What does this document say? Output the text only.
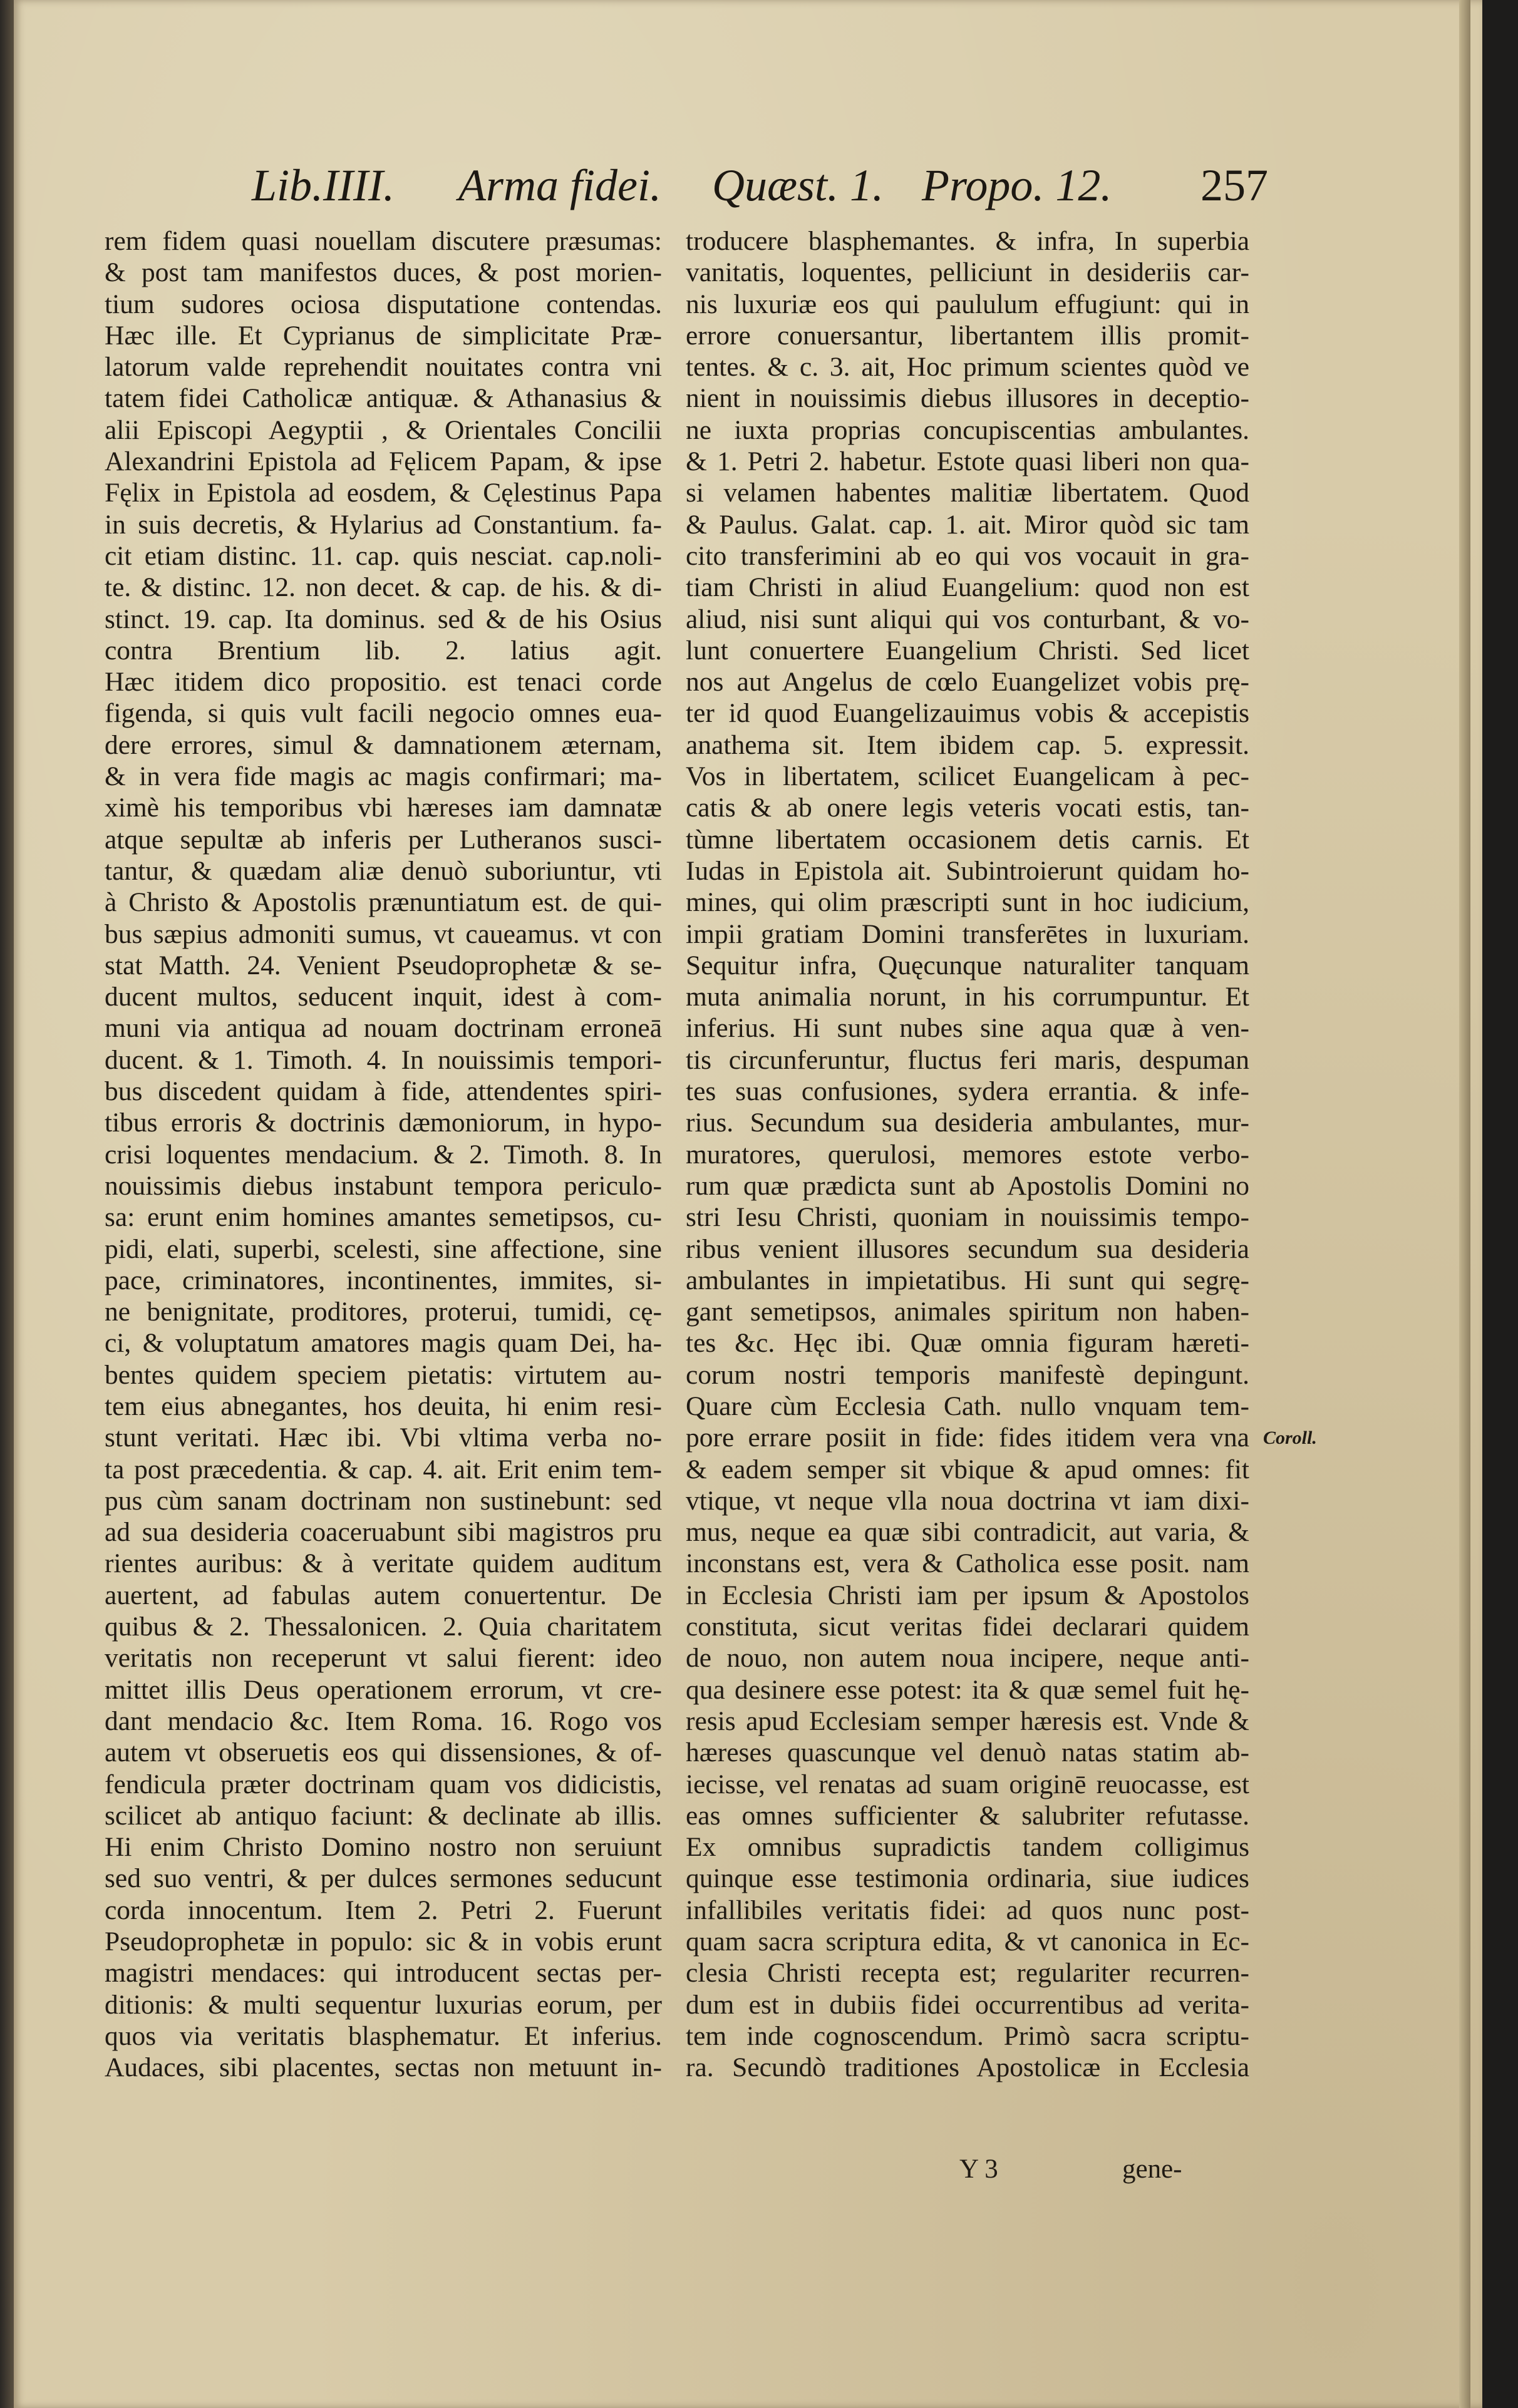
Lib.IIII. Arma fidei. Quæst. 1. Propo. 12. 257
rem fidem quasi nouellam discutere præsumas:
& post tam manifestos duces, & post morien-
tium sudores ociosa disputatione contendas.
Hæc ille. Et Cyprianus de simplicitate Præ-
latorum valde reprehendit nouitates contra vni
tatem fidei Catholicæ antiquæ. & Athanasius &
alii Episcopi Aegyptii , & Orientales Concilii
Alexandrini Epistola ad Fęlicem Papam, & ipse
Fęlix in Epistola ad eosdem, & Cęlestinus Papa
in suis decretis, & Hylarius ad Constantium. fa-
cit etiam distinc. 11. cap. quis nesciat. cap.noli-
te. & distinc. 12. non decet. & cap. de his. & di-
stinct. 19. cap. Ita dominus. sed & de his Osius
contra Brentium lib. 2. latius agit.
Hæc itidem dico propositio. est tenaci corde
figenda, si quis vult facili negocio omnes eua-
dere errores, simul & damnationem æternam,
& in vera fide magis ac magis confirmari; ma-
ximè his temporibus vbi hæreses iam damnatæ
atque sepultæ ab inferis per Lutheranos susci-
tantur, & quædam aliæ denuò suboriuntur, vti
à Christo & Apostolis prænuntiatum est. de qui-
bus sæpius admoniti sumus, vt caueamus. vt con
stat Matth. 24. Venient Pseudoprophetæ & se-
ducent multos, seducent inquit, idest à com-
muni via antiqua ad nouam doctrinam erroneā
ducent. & 1. Timoth. 4. In nouissimis tempori-
bus discedent quidam à fide, attendentes spiri-
tibus erroris & doctrinis dæmoniorum, in hypo-
crisi loquentes mendacium. & 2. Timoth. 8. In
nouissimis diebus instabunt tempora periculo-
sa: erunt enim homines amantes semetipsos, cu-
pidi, elati, superbi, scelesti, sine affectione, sine
pace, criminatores, incontinentes, immites, si-
ne benignitate, proditores, proterui, tumidi, cę-
ci, & voluptatum amatores magis quam Dei, ha-
bentes quidem speciem pietatis: virtutem au-
tem eius abnegantes, hos deuita, hi enim resi-
stunt veritati. Hæc ibi. Vbi vltima verba no-
ta post præcedentia. & cap. 4. ait. Erit enim tem-
pus cùm sanam doctrinam non sustinebunt: sed
ad sua desideria coaceruabunt sibi magistros pru
rientes auribus: & à veritate quidem auditum
auertent, ad fabulas autem conuertentur. De
quibus & 2. Thessalonicen. 2. Quia charitatem
veritatis non receperunt vt salui fierent: ideo
mittet illis Deus operationem errorum, vt cre-
dant mendacio &c. Item Roma. 16. Rogo vos
autem vt obseruetis eos qui dissensiones, & of-
fendicula præter doctrinam quam vos didicistis,
scilicet ab antiquo faciunt: & declinate ab illis.
Hi enim Christo Domino nostro non seruiunt
sed suo ventri, & per dulces sermones seducunt
corda innocentum. Item 2. Petri 2. Fuerunt
Pseudoprophetæ in populo: sic & in vobis erunt
magistri mendaces: qui introducent sectas per-
ditionis: & multi sequentur luxurias eorum, per
quos via veritatis blasphematur. Et inferius.
Audaces, sibi placentes, sectas non metuunt in-
troducere blasphemantes. & infra, In superbia
vanitatis, loquentes, pelliciunt in desideriis car-
nis luxuriæ eos qui paululum effugiunt: qui in
errore conuersantur, libertantem illis promit-
tentes. & c. 3. ait, Hoc primum scientes quòd ve
nient in nouissimis diebus illusores in deceptio-
ne iuxta proprias concupiscentias ambulantes.
& 1. Petri 2. habetur. Estote quasi liberi non qua-
si velamen habentes malitiæ libertatem. Quod
& Paulus. Galat. cap. 1. ait. Miror quòd sic tam
cito transferimini ab eo qui vos vocauit in gra-
tiam Christi in aliud Euangelium: quod non est
aliud, nisi sunt aliqui qui vos conturbant, & vo-
lunt conuertere Euangelium Christi. Sed licet
nos aut Angelus de cœlo Euangelizet vobis prę-
ter id quod Euangelizauimus vobis & accepistis
anathema sit. Item ibidem cap. 5. expressit.
Vos in libertatem, scilicet Euangelicam à pec-
catis & ab onere legis veteris vocati estis, tan-
tùmne libertatem occasionem detis carnis. Et
Iudas in Epistola ait. Subintroierunt quidam ho-
mines, qui olim præscripti sunt in hoc iudicium,
impii gratiam Domini transferētes in luxuriam.
Sequitur infra, Quęcunque naturaliter tanquam
muta animalia norunt, in his corrumpuntur. Et
inferius. Hi sunt nubes sine aqua quæ à ven-
tis circunferuntur, fluctus feri maris, despuman
tes suas confusiones, sydera errantia. & infe-
rius. Secundum sua desideria ambulantes, mur-
muratores, querulosi, memores estote verbo-
rum quæ prædicta sunt ab Apostolis Domini no
stri Iesu Christi, quoniam in nouissimis tempo-
ribus venient illusores secundum sua desideria
ambulantes in impietatibus. Hi sunt qui segrę-
gant semetipsos, animales spiritum non haben-
tes &c. Hęc ibi. Quæ omnia figuram hæreti-
corum nostri temporis manifestè depingunt.
Quare cùm Ecclesia Cath. nullo vnquam tem-
pore errare posiit in fide: fides itidem vera vna
& eadem semper sit vbique & apud omnes: fit
vtique, vt neque vlla noua doctrina vt iam dixi-
mus, neque ea quæ sibi contradicit, aut varia, &
inconstans est, vera & Catholica esse posit. nam
in Ecclesia Christi iam per ipsum & Apostolos
constituta, sicut veritas fidei declarari quidem
de nouo, non autem noua incipere, neque anti-
qua desinere esse potest: ita & quæ semel fuit hę-
resis apud Ecclesiam semper hæresis est. Vnde &
hæreses quascunque vel denuò natas statim ab-
iecisse, vel renatas ad suam originē reuocasse, est
eas omnes sufficienter & salubriter refutasse.
Ex omnibus supradictis tandem colligimus
quinque esse testimonia ordinaria, siue iudices
infallibiles veritatis fidei: ad quos nunc post-
quam sacra scriptura edita, & vt canonica in Ec-
clesia Christi recepta est; regulariter recurren-
dum est in dubiis fidei occurrentibus ad verita-
tem inde cognoscendum. Primò sacra scriptu-
ra. Secundò traditiones Apostolicæ in Ecclesia
Coroll.
Y 3	gene-
